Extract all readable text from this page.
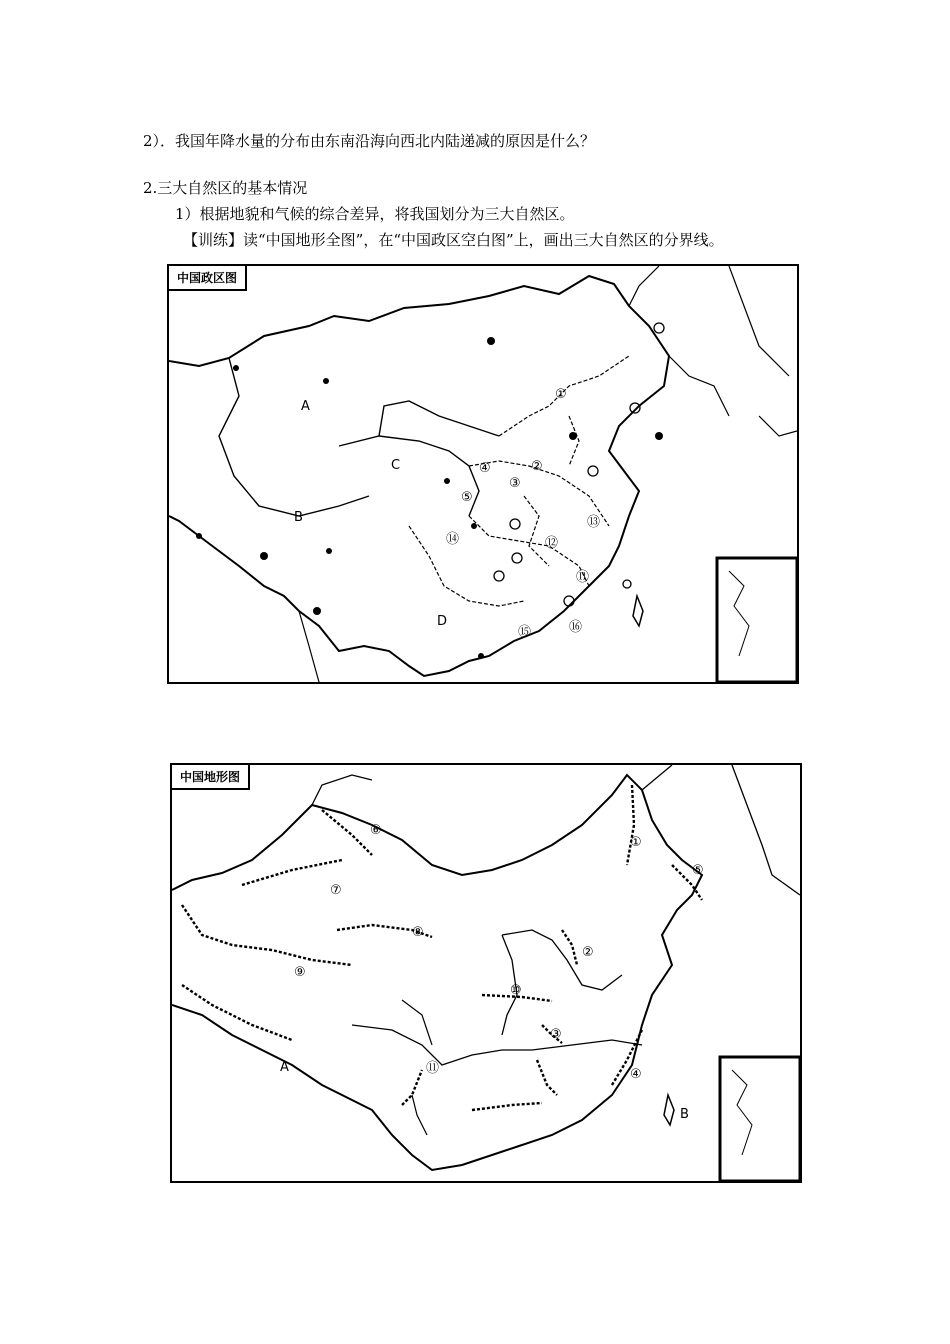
2）．我国年降水量的分布由东南沿海向西北内陆递减的原因是什么？
2.三大自然区的基本情况
1）根据地貌和气候的综合差异，将我国划分为三大自然区。
【训练】读“中国地形全图”，在“中国政区空白图”上，画出三大自然区的分界线。
中国政区图
A
B
C
D
①
②
③
④
⑤
⑪
⑫
⑬
⑭
⑮	⑯
中国地形图
A
B
①
②
③
④
⑤
⑥
⑦
⑧
⑨
⑩
⑪
